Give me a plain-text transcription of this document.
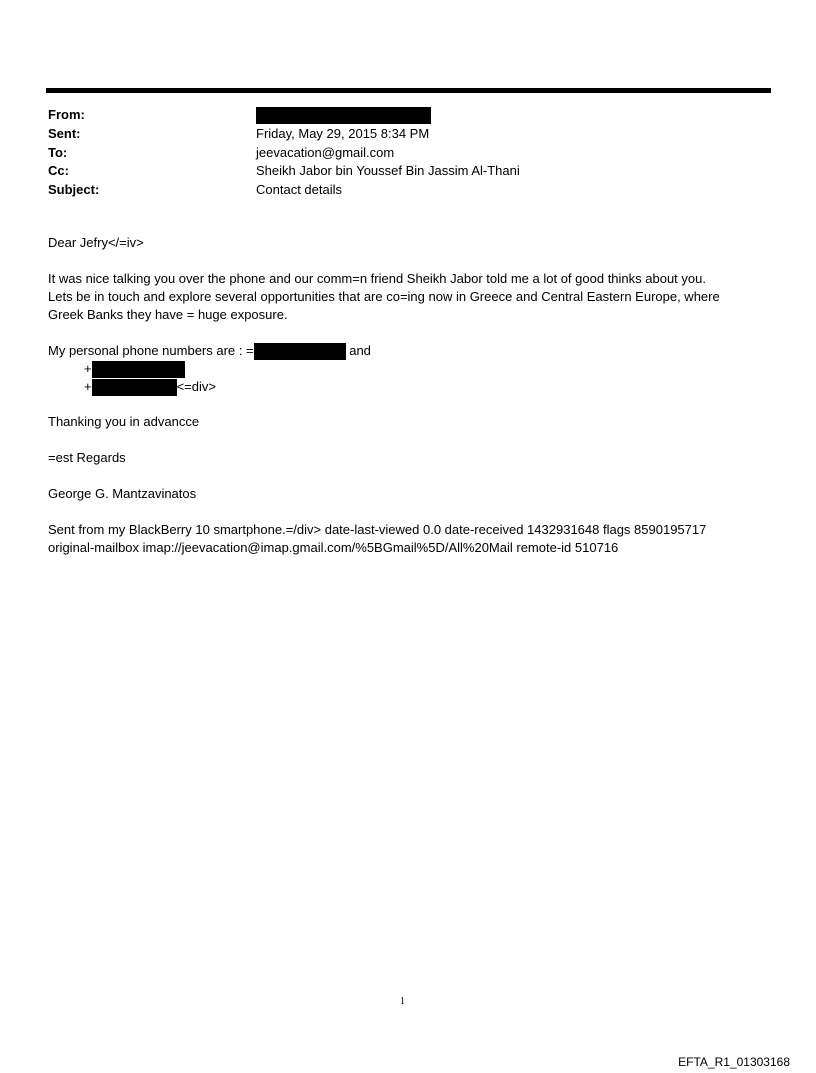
From:
Sent:	Friday, May 29, 2015 8:34 PM
To:	jeevacation@gmail.com
Cc:	Sheikh Jabor bin Youssef Bin Jassim Al-Thani
Subject:	Contact details
Dear Jefry</=iv>
It was nice talking you over the phone and our comm=n friend Sheikh Jabor told me a lot of good thinks about you.
Lets be in touch and explore several opportunities that are co=ing now in Greece and Central Eastern Europe, where
Greek Banks they have = huge exposure.
My personal phone numbers are : =	and
+
+	<=div>
Thanking you in advancce
=est Regards
George G. Mantzavinatos
Sent from my BlackBerry 10 smartphone.=/div> date-last-viewed 0.0 date-received 1432931648 flags 8590195717
original-mailbox imap://jeevacation@imap.gmail.com/%5BGmail%5D/All%20Mail remote-id 510716
1
EFTA_R1_01303168
